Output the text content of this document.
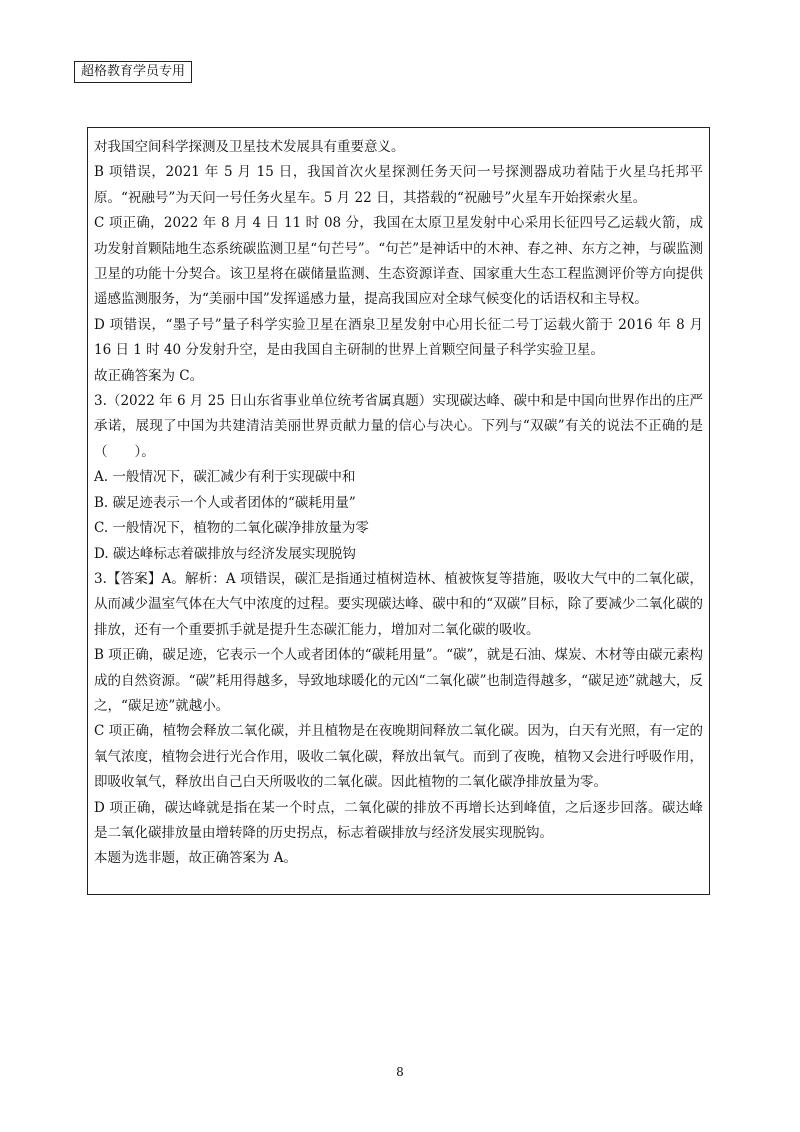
超格教育学员专用

对我国空间科学探测及卫星技术发展具有重要意义。

B 项错误，2021 年 5 月 15 日，我国首次火星探测任务天问一号探测器成功着陆于火星乌托邦平原。“祝融号”为天问一号任务火星车。5 月 22 日，其搭载的“祝融号”火星车开始探索火星。

C 项正确，2022 年 8 月 4 日 11 时 08 分，我国在太原卫星发射中心采用长征四号乙运载火箭，成功发射首颗陆地生态系统碳监测卫星“句芒号”。“句芒”是神话中的木神、春之神、东方之神，与碳监测卫星的功能十分契合。该卫星将在碳储量监测、生态资源详查、国家重大生态工程监测评价等方向提供遥感监测服务，为“美丽中国”发挥遥感力量，提高我国应对全球气候变化的话语权和主导权。

D 项错误，“墨子号”量子科学实验卫星在酒泉卫星发射中心用长征二号丁运载火箭于 2016 年 8 月 16 日 1 时 40 分发射升空，是由我国自主研制的世界上首颗空间量子科学实验卫星。

故正确答案为 C。

3.（2022 年 6 月 25 日山东省事业单位统考省属真题）实现碳达峰、碳中和是中国向世界作出的庄严承诺，展现了中国为共建清洁美丽世界贡献力量的信心与决心。下列与“双碳”有关的说法不正确的是（　　）。

A. 一般情况下，碳汇减少有利于实现碳中和

B. 碳足迹表示一个人或者团体的“碳耗用量”

C. 一般情况下，植物的二氧化碳净排放量为零

D. 碳达峰标志着碳排放与经济发展实现脱钩

3.【答案】A。解析：A 项错误，碳汇是指通过植树造林、植被恢复等措施，吸收大气中的二氧化碳，从而减少温室气体在大气中浓度的过程。要实现碳达峰、碳中和的“双碳”目标，除了要减少二氧化碳的排放，还有一个重要抓手就是提升生态碳汇能力，增加对二氧化碳的吸收。

B 项正确，碳足迹，它表示一个人或者团体的“碳耗用量”。“碳”，就是石油、煤炭、木材等由碳元素构成的自然资源。“碳”耗用得越多，导致地球暖化的元凶“二氧化碳”也制造得越多，“碳足迹”就越大，反之，“碳足迹”就越小。

C 项正确，植物会释放二氧化碳，并且植物是在夜晚期间释放二氧化碳。因为，白天有光照，有一定的氧气浓度，植物会进行光合作用，吸收二氧化碳，释放出氧气。而到了夜晚，植物又会进行呼吸作用，即吸收氧气，释放出自己白天所吸收的二氧化碳。因此植物的二氧化碳净排放量为零。

D 项正确，碳达峰就是指在某一个时点，二氧化碳的排放不再增长达到峰值，之后逐步回落。碳达峰是二氧化碳排放量由增转降的历史拐点，标志着碳排放与经济发展实现脱钩。

本题为选非题，故正确答案为 A。

8
